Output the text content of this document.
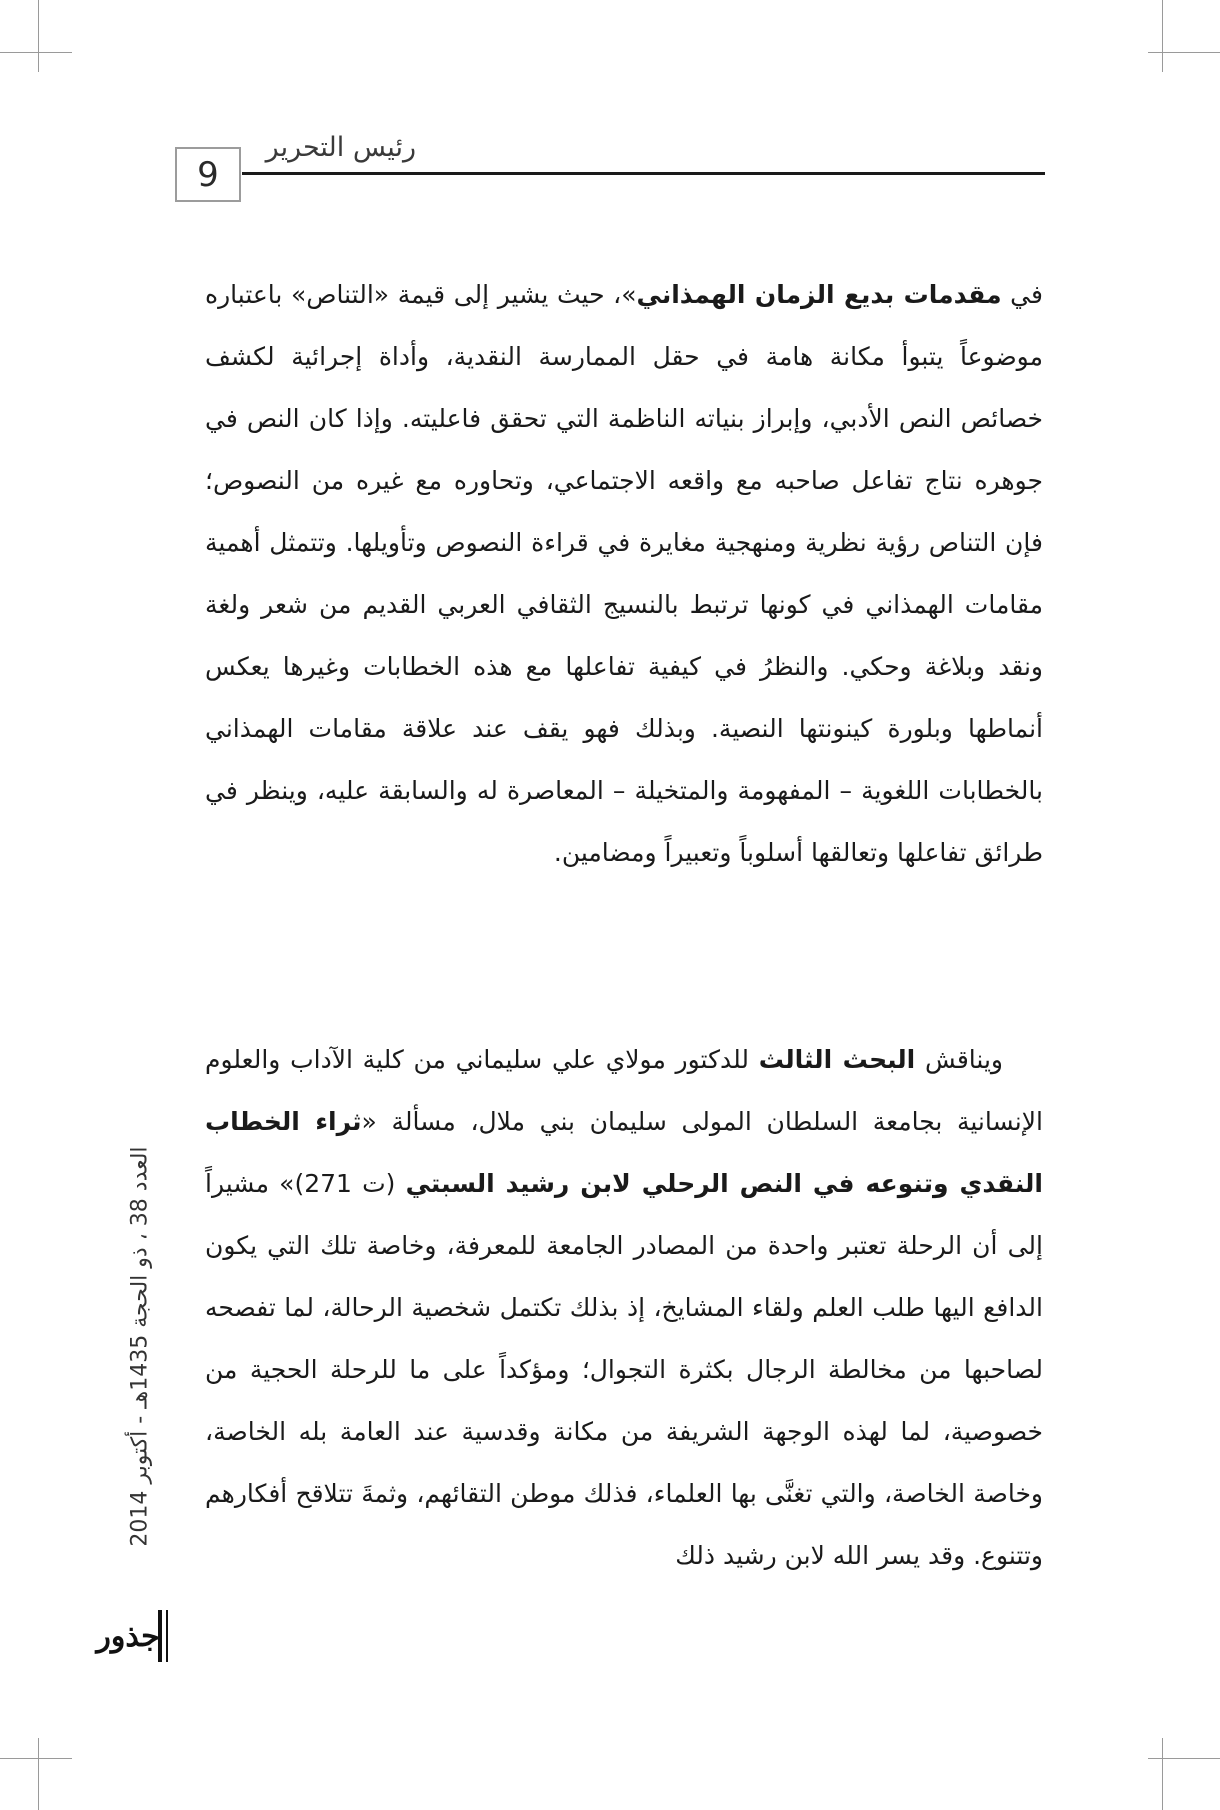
رئيس التحرير
9

في مقدمات بديع الزمان الهمذاني»، حيث يشير إلى قيمة «التناص» باعتباره موضوعاً يتبوأ مكانة هامة في حقل الممارسة النقدية، وأداة إجرائية لكشف خصائص النص الأدبي، وإبراز بنياته الناظمة التي تحقق فاعليته. وإذا كان النص في جوهره نتاج تفاعل صاحبه مع واقعه الاجتماعي، وتحاوره مع غيره من النصوص؛ فإن التناص رؤية نظرية ومنهجية مغايرة في قراءة النصوص وتأويلها. وتتمثل أهمية مقامات الهمذاني في كونها ترتبط بالنسيج الثقافي العربي القديم من شعر ولغة ونقد وبلاغة وحكي. والنظرُ في كيفية تفاعلها مع هذه الخطابات وغيرها يعكس أنماطها وبلورة كينونتها النصية. وبذلك فهو يقف عند علاقة مقامات الهمذاني بالخطابات اللغوية – المفهومة والمتخيلة – المعاصرة له والسابقة عليه، وينظر في طرائق تفاعلها وتعالقها أسلوباً وتعبيراً ومضامين.

ويناقش البحث الثالث للدكتور مولاي علي سليماني من كلية الآداب والعلوم الإنسانية بجامعة السلطان المولى سليمان بني ملال، مسألة «ثراء الخطاب النقدي وتنوعه في النص الرحلي لابن رشيد السبتي (ت 271)» مشيراً إلى أن الرحلة تعتبر واحدة من المصادر الجامعة للمعرفة، وخاصة تلك التي يكون الدافع اليها طلب العلم ولقاء المشايخ، إذ بذلك تكتمل شخصية الرحالة، لما تفصحه لصاحبها من مخالطة الرجال بكثرة التجوال؛ ومؤكداً على ما للرحلة الحجية من خصوصية، لما لهذه الوجهة الشريفة من مكانة وقدسية عند العامة بله الخاصة، وخاصة الخاصة، والتي تغنَّى بها العلماء، فذلك موطن التقائهم، وثمةَ تتلاقح أفكارهم وتتنوع. وقد يسر الله لابن رشيد ذلك

العدد 38 ، ذو الحجة 1435هـ - أكتوبر 2014
جذور
